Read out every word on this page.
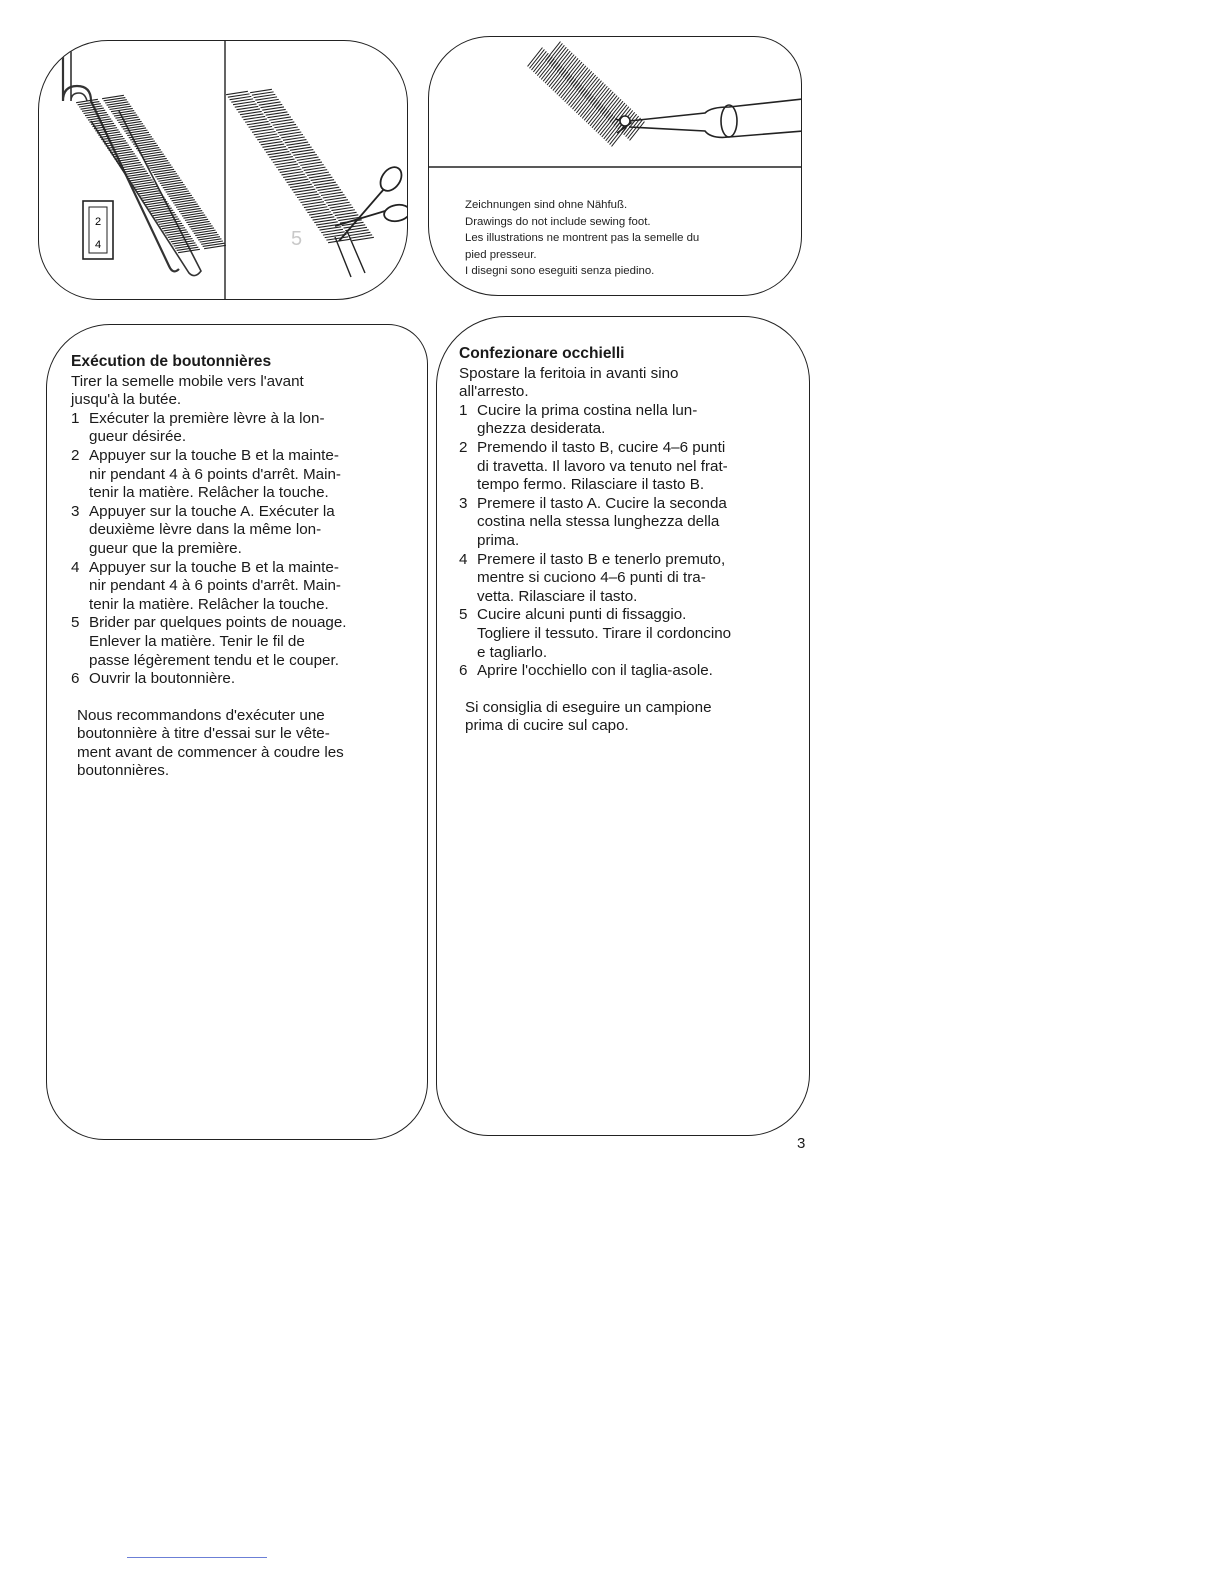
2
4	5
Zeichnungen sind ohne Nähfuß.
Drawings do not include sewing foot.
Les illustrations ne montrent pas la semelle du
pied presseur.
I disegni sono eseguiti senza piedino.
Exécution de boutonnières
Tirer la semelle mobile vers l'avant
jusqu'à la butée.
1 Exécuter la première lèvre à la lon-
gueur désirée.
2 Appuyer sur la touche B et la mainte-
nir pendant 4 à 6 points d'arrêt. Main-
tenir la matière. Relâcher la touche.
3 Appuyer sur la touche A. Exécuter la
deuxième lèvre dans la même lon-
gueur que la première.
4 Appuyer sur la touche B et la mainte-
nir pendant 4 à 6 points d'arrêt. Main-
tenir la matière. Relâcher la touche.
5 Brider par quelques points de nouage.
Enlever la matière. Tenir le fil de
passe légèrement tendu et le couper.
6 Ouvrir la boutonnière.
Nous recommandons d'exécuter une
boutonnière à titre d'essai sur le vête-
ment avant de commencer à coudre les
boutonnières.
Confezionare occhielli
Spostare la feritoia in avanti sino
all'arresto.
1 Cucire la prima costina nella lun-
ghezza desiderata.
2 Premendo il tasto B, cucire 4–6 punti
di travetta. Il lavoro va tenuto nel frat-
tempo fermo. Rilasciare il tasto B.
3 Premere il tasto A. Cucire la seconda
costina nella stessa lunghezza della
prima.
4 Premere il tasto B e tenerlo premuto,
mentre si cuciono 4–6 punti di tra-
vetta. Rilasciare il tasto.
5 Cucire alcuni punti di fissaggio.
Togliere il tessuto. Tirare il cordoncino
e tagliarlo.
6 Aprire l'occhiello con il taglia-asole.
Si consiglia di eseguire un campione
prima di cucire sul capo.
3
